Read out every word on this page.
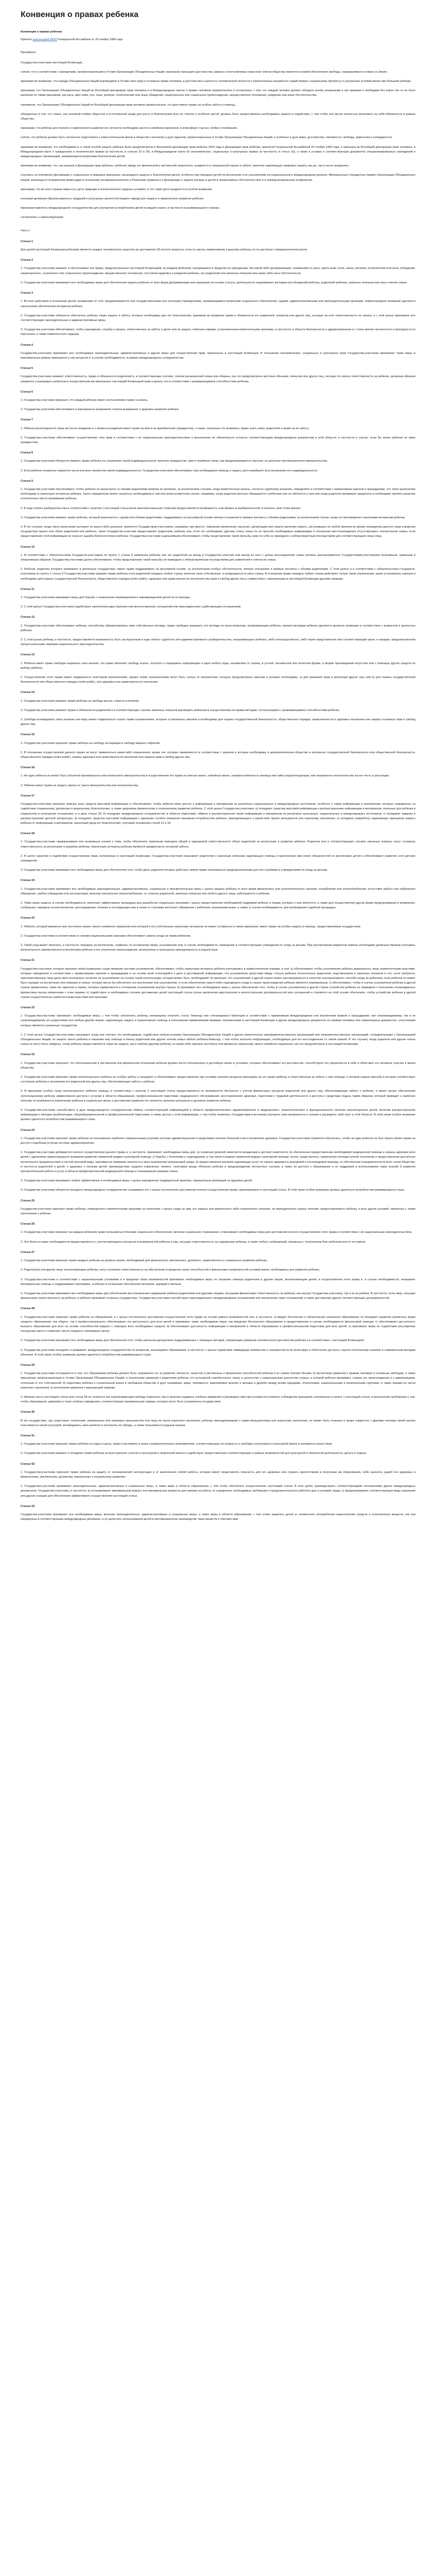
Конвенция о правах ребенка
Конвенция о правах ребенка
Принята резолюцией 44/25 Генеральной Ассамблеи от 20 ноября 1989 года
Преамбула
Государства-участники настоящей Конвенции,
считая, что в соответствии с принципами, провозглашенными в Уставе Организации Объединенных Наций, признание присущего достоинства, равных и неотъемлемых прав всех членов общества является основой обеспечения свободы, справедливости и мира на Земле,
принимая во внимание, что народы Объединенных Наций подтвердили в Уставе свою веру в основные права человека, в достоинство и ценность человеческой личности и преисполнены решимости содействовать социальному прогрессу и улучшению условий жизни при большей свободе,
признавая, что Организация Объединенных Наций во Всеобщей декларации прав человека и в Международных пактах о правах человека провозгласила и согласилась с тем, что каждый человек должен обладать всеми указанными в них правами и свободами без какого бы то ни было различия по таким признакам, как раса, цвет кожи, пол, язык, религия, политические или иные убеждения, национальное или социальное происхождение, имущественное положение, рождение или иные обстоятельства,
напоминая, что Организация Объединенных Наций во Всеобщей декларации прав человека провозгласила, что дети имеют право на особую заботу и помощь,
убежденные в том, что семье, как основной ячейке общества и естественной среде для роста и благополучия всех ее членов и особенно детей, должны быть предоставлены необходимые защита и содействие, с тем чтобы она могла полностью возложить на себя обязанности в рамках общества,
признавая, что ребенку для полного и гармоничного развития его личности необходимо расти в семейном окружении, в атмосфере счастья, любви и понимания,
считая, что ребенок должен быть полностью подготовлен к самостоятельной жизни в обществе и воспитан в духе идеалов, провозглашенных в Уставе Организации Объединенных Наций, и особенно в духе мира, достоинства, терпимости, свободы, равенства и солидарности,
принимая во внимание, что необходимость в такой особой защите ребенка была предусмотрена в Женевской декларации прав ребенка 1924 года и Декларации прав ребенка, принятой Генеральной Ассамблеей 20 ноября 1959 года, и признана во Всеобщей декларации прав человека, в Международном пакте о гражданских и политических правах (в частности, в статьях 23 и 24), в Международном пакте об экономических, социальных и культурных правах (в частности, в статье 10), а также в уставах и соответствующих документах специализированных учреждений и международных организаций, занимающихся вопросами благополучия детей,
принимая во внимание, что, как указано в Декларации прав ребенка, «ребенок, ввиду его физической и умственной незрелости, нуждается в специальной охране и заботе, включая надлежащую правовую защиту, как до, так и после рождения»,
ссылаясь на положения Декларации о социальных и правовых принципах, касающихся защиты и благополучия детей, особенно при передаче детей на воспитание и их усыновлении на национальном и международном уровнях, Минимальных стандартных правил Организации Объединенных Наций, касающихся отправления правосудия в отношении несовершеннолетних («Пекинские правила») и Декларации о защите женщин и детей в чрезвычайных обстоятельствах и в период вооруженных конфликтов,
признавая, что во всех странах мира есть дети, живущие в исключительно трудных условиях, и что такие дети нуждаются в особом внимании,
учитывая должным образом важность традиций и культурных ценностей каждого народа для защиты и гармоничного развития ребенка,
признавая важность международного сотрудничества для улучшения условий жизни детей в каждой стране, в частности в развивающихся странах,
согласились о нижеследующем:
Часть I
Статья 1
Для целей настоящей Конвенции ребенком является каждое человеческое существо до достижения 18-летнего возраста, если по закону, применимому к данному ребенку, он не достигает совершеннолетия ранее.
Статья 2
1. Государства-участники уважают и обеспечивают все права, предусмотренные настоящей Конвенцией, за каждым ребенком, находящимся в пределах их юрисдикции, без какой-либо дискриминации, независимо от расы, цвета кожи, пола, языка, религии, политических или иных убеждений, национального, этнического или социального происхождения, имущественного положения, состояния здоровья и рождения ребенка, его родителей или законных опекунов или каких-либо иных обстоятельств.
2. Государства-участники принимают все необходимые меры для обеспечения защиты ребенка от всех форм дискриминации или наказания на основе статуса, деятельности, выражаемых взглядов или убеждений ребенка, родителей ребенка, законных опекунов или иных членов семьи.
Статья 3
1. Во всех действиях в отношении детей, независимо от того, предпринимаются они государственными или частными учреждениями, занимающимися вопросами социального обеспечения, судами, административными или законодательными органами, первоочередное внимание уделяется наилучшему обеспечению интересов ребенка.
2. Государства-участники обязуются обеспечить ребенку такую защиту и заботу, которые необходимы для его благополучия, принимая во внимание права и обязанности его родителей, опекунов или других лиц, несущих за него ответственность по закону, и с этой целью принимают все соответствующие законодательные и административные меры.
3. Государства-участники обеспечивают, чтобы учреждения, службы и органы, ответственные за заботу о детях или их защиту, отвечали нормам, установленным компетентными органами, в частности, в области безопасности и здравоохранения и с точки зрения численности и пригодности их персонала, а также компетентного надзора.
Статья 4
Государства-участники принимают все необходимые законодательные, административные и другие меры для осуществления прав, признанных в настоящей Конвенции. В отношении экономических, социальных и культурных прав Государства-участники принимают такие меры в максимальных рамках имеющихся у них ресурсов и, в случае необходимости, в рамках международного сотрудничества.
Статья 5
Государства-участники уважают ответственность, права и обязанности родителей и, в соответствующих случаях, членов расширенной семьи или общины, как это предусмотрено местным обычаем, опекунов или других лиц, несущих по закону ответственность за ребенка, должным образом управлять и руководить ребенком в осуществлении им признанных настоящей Конвенцией прав и делать это в соответствии с развивающимися способностями ребенка.
Статья 6
1. Государства-участники признают, что каждый ребенок имеет неотъемлемое право на жизнь.
2. Государства-участники обеспечивают в максимально возможной степени выживание и здоровое развитие ребенка.
Статья 7
1. Ребенок регистрируется сразу же после рождения и с момента рождения имеет право на имя и на приобретение гражданства, а также, насколько это возможно, право знать своих родителей и право на их заботу.
2. Государства-участники обеспечивают осуществление этих прав в соответствии с их национальным законодательством и выполнение их обязательств согласно соответствующим международным документам в этой области, в частности в случае, если бы иначе ребенок не имел гражданства.
Статья 8
1. Государства-участники обязуются уважать право ребенка на сохранение своей индивидуальности, включая гражданство, имя и семейные связи, как предусматривается законом, не допуская противозаконного вмешательства.
2. Если ребенок незаконно лишается части или всех элементов своей индивидуальности, Государства-участники обеспечивают ему необходимую помощь и защиту для скорейшего восстановления его индивидуальности.
Статья 9
1. Государства-участники обеспечивают, чтобы ребенок не разлучался со своими родителями вопреки их желанию, за исключением случаев, когда компетентные органы, согласно судебному решению, определяют в соответствии с применимым законом и процедурами, что такое разлучение необходимо в наилучших интересах ребенка. Такое определение может оказаться необходимым в том или ином конкретном случае, например, когда родители жестоко обращаются с ребенком или не заботятся о нем или когда родители проживают раздельно и необходимо принять решение относительно места проживания ребенка.
2. В ходе любого разбирательства в соответствии с пунктом 1 настоящей статьи всем заинтересованным сторонам предоставляется возможность участвовать в разбирательстве и излагать свои точки зрения.
3. Государства-участники уважают право ребенка, который разлучается с одним или обоими родителями, поддерживать на регулярной основе личные отношения и прямые контакты с обоими родителями, за исключением случая, когда это противоречит наилучшим интересам ребенка.
4. В тех случаях, когда такое разлучение вытекает из какого-либо решения, принятого Государством-участником, например, при аресте, тюремном заключении, высылке, депортации или смерти (включая смерть, наступившую по любой причине во время нахождения данного лица в ведении государства) одного или обоих родителей или ребенка, такое Государство-участник предоставляет родителям, ребенку или, если это необходимо, другому члену семьи по их просьбе необходимую информацию в отношении местонахождения отсутствующего члена/членов семьи, если предоставление этой информации не наносит ущерба благосостоянию ребенка. Государства-участники в дальнейшем обеспечивают, чтобы представление такой просьбы само по себе не приводило к неблагоприятным последствиям для соответствующего лица (лиц).
Статья 10
1. В соответствии с обязательством Государств-участников по пункту 1 статьи 9 заявления ребенка или его родителей на въезд в Государство-участник или выезд из него с целью воссоединения семьи должны рассматриваться Государствами-участниками позитивным, гуманным и оперативным образом. Государства-участники далее обеспечивают, чтобы представление такой просьбы не приводило к неблагоприятным последствиям для заявителей и членов их семьи.
2. Ребенок, родители которого проживают в различных государствах, имеет право поддерживать на регулярной основе, за исключением особых обстоятельств, личные отношения и прямые контакты с обоими родителями. С этой целью и в соответствии с обязательством Государств-участников по пункту 2 статьи 9 Государства-участники уважают право ребенка и его родителей покидать любую страну, включая свою собственную, и возвращаться в свою страну. В отношении права покидать любую страну действуют только такие ограничения, какие установлены законом и необходимы для охраны государственной безопасности, общественного порядка (ordre public), здоровья или нравственности населения или прав и свобод других лиц и совместимы с признанными в настоящей Конвенции другими правами.
Статья 11
1. Государства-участники принимают меры для борьбы с незаконным перемещением и невозвращением детей из-за границы.
2. С этой целью Государства-участники содействуют заключению двусторонних или многосторонних соглашений или присоединению к действующим соглашениям.
Статья 12
1. Государства-участники обеспечивают ребенку, способному сформулировать свои собственные взгляды, право свободно выражать эти взгляды по всем вопросам, затрагивающим ребенка, причем взглядам ребенка уделяется должное внимание в соответствии с возрастом и зрелостью ребенка.
2. С этой целью ребенку, в частности, предоставляется возможность быть заслушанным в ходе любого судебного или административного разбирательства, затрагивающего ребенка, либо непосредственно, либо через представителя или соответствующий орган, в порядке, предусмотренном процессуальными нормами национального законодательства.
Статья 13
1. Ребенок имеет право свободно выражать свое мнение; это право включает свободу искать, получать и передавать информацию и идеи любого рода, независимо от границ, в устной, письменной или печатной форме, в форме произведений искусства или с помощью других средств по выбору ребенка.
2. Осуществление этого права может подвергаться некоторым ограничениям, однако этими ограничениями могут быть только те ограничения, которые предусмотрены законом и которые необходимы: а) для уважения прав и репутации других лиц; или b) для охраны государственной безопасности или общественного порядка (ordre public), или здоровья или нравственности населения.
Статья 14
1. Государства-участники уважают право ребенка на свободу мысли, совести и религии.
2. Государства-участники уважают права и обязанности родителей и в соответствующих случаях законных опекунов руководить ребенком в осуществлении его права методом, согласующимся с развивающимися способностями ребенка.
3. Свобода исповедовать свою религию или веру может подвергаться только таким ограничениям, которые установлены законом и необходимы для охраны государственной безопасности, общественного порядка, нравственности и здоровья населения или защиты основных прав и свобод других лиц.
Статья 15
1. Государства-участники признают право ребенка на свободу ассоциации и свободу мирных собраний.
2. В отношении осуществления данного права не могут применяться какие-либо ограничения, кроме тех, которые применяются в соответствии с законом и которые необходимы в демократическом обществе в интересах государственной безопасности или общественной безопасности, общественного порядка (ordre public), охраны здоровья или нравственности населения или защиты прав и свобод других лиц.
Статья 16
1. Ни один ребенок не может быть объектом произвольного или незаконного вмешательства в осуществление его права на личную жизнь, семейную жизнь, неприкосновенность жилища или тайну корреспонденции, или незаконного посягательства на его честь и репутацию.
2. Ребенок имеет право на защиту закона от такого вмешательства или посягательства.
Статья 17
Государства-участники признают важную роль средств массовой информации и обеспечивают, чтобы ребенок имел доступ к информации и материалам из различных национальных и международных источников, особенно к таким информации и материалам, которые направлены на содействие социальному, духовному и моральному благополучию, а также здоровому физическому и психическому развитию ребенка. С этой целью Государства-участники: а) поощряют средства массовой информации к распространению информации и материалов, полезных для ребенка в социальном и культурном отношениях, и в духе статьи 29; b) поощряют международное сотрудничество в области подготовки, обмена и распространения такой информации и материалов из различных культурных, национальных и международных источников; с) поощряют издание и распространение детской литературы; d) поощряют средства массовой информации к уделению особого внимания языковым потребностям ребенка, принадлежащего к какой-либо группе меньшинств или коренному населению; е) поощряют разработку надлежащих принципов защиты ребенка от информации и материалов, наносящих вред его благополучию, учитывая положения статей 13 и 18.
Статья 18
1. Государства-участники предпринимают все возможные усилия к тому, чтобы обеспечить признание принципа общей и одинаковой ответственности обоих родителей за воспитание и развитие ребенка. Родители или в соответствующих случаях законные опекуны несут основную ответственность за воспитание и развитие ребенка. Наилучшие интересы ребенка являются предметом их основной заботы.
2. В целях гарантии и содействия осуществлению прав, изложенных в настоящей Конвенции, Государства-участники оказывают родителям и законным опекунам надлежащую помощь в выполнении ими своих обязанностей по воспитанию детей и обеспечивают развитие сети детских учреждений.
3. Государства-участники принимают все необходимые меры для обеспечения того, чтобы дети, родители которых работают, имели право пользоваться предназначенными для них службами и учреждениями по уходу за детьми.
Статья 19
1. Государства-участники принимают все необходимые законодательные, административные, социальные и просветительные меры с целью защиты ребенка от всех форм физического или психологического насилия, оскорбления или злоупотребления, отсутствия заботы или небрежного обращения, грубого обращения или эксплуатации, включая сексуальное злоупотребление, со стороны родителей, законных опекунов или любого другого лица, заботящегося о ребенке.
2. Такие меры защиты, в случае необходимости, включают эффективные процедуры для разработки социальных программ с целью предоставления необходимой поддержки ребенку и лицам, которые о нем заботятся, а также для осуществления других форм предупреждения и выявления, сообщения, передачи на рассмотрение, расследования, лечения и последующих мер в связи со случаями жестокого обращения с ребенком, указанными выше, а также, в случае необходимости, для возбуждения судебной процедуры.
Статья 20
1. Ребенок, который временно или постоянно лишен своего семейного окружения или который в его собственных наилучших интересах не может оставаться в таком окружении, имеет право на особую защиту и помощь, предоставляемые государством.
2. Государства-участники в соответствии со своими национальными законами обеспечивают замену ухода за таким ребенком.
3. Такой уход может включать, в частности, передачу на воспитание, «кафала» по исламскому праву, усыновление или, в случае необходимости, помещение в соответствующие учреждения по уходу за детьми. При рассмотрении вариантов замены необходимо должным образом учитывать желательность преемственности воспитания ребенка и его этническое происхождение, религиозную и культурную принадлежность и родной язык.
Статья 21
Государства-участники, которые признают и/или разрешают существование системы усыновления, обеспечивают, чтобы наилучшие интересы ребенка учитывались в первостепенном порядке, и они: а) обеспечивают, чтобы усыновление ребенка разрешалось лишь компетентными властями, которые определяют в соответствии с применимыми законом и процедурами и на основе всей относящейся к делу и достоверной информации, что усыновление допустимо ввиду статуса ребенка относительно родителей, родственников и законных опекунов и что, если требуется, заинтересованные лица дали свое осознанное согласие на усыновление на основе такой консультации, которая может быть необходимой; b) признают, что усыновление в другой стране может рассматриваться в качестве альтернативного способа ухода за ребенком, если ребенок не может быть передан на воспитание или помещен в семью, которая могла бы обеспечить его воспитание или усыновление, и если обеспечение какого-либо подходящего ухода в стране происхождения ребенка является невозможным; с) обеспечивают, чтобы в случае усыновления ребенка в другой стране применялись такие же гарантии и нормы, которые применяются в отношении усыновления внутри страны; d) принимают все необходимые меры с целью обеспечения того, чтобы в случае усыновления в другой стране устройство ребенка не приводило к получению неоправданных финансовых выгод связанными с этим лицами; е) содействуют в необходимых случаях достижению целей настоящей статьи путем заключения двусторонних и многосторонних договоренностей или соглашений и стремятся на этой основе обеспечить, чтобы устройство ребенка в другой стране осуществлялось компетентными властями или органами.
Статья 22
1. Государства-участники принимают необходимые меры, с тем чтобы обеспечить ребенку, желающему получить статус беженца или считающемуся беженцем в соответствии с применимым международным или внутренним правом и процедурами, как сопровождаемому, так и не сопровождаемому его родителями или любым другим лицом, надлежащую защиту и гуманитарную помощь в пользовании применимыми правами, изложенными в настоящей Конвенции и других международных документах по правам человека или гуманитарных документах, участниками которых являются указанные государства.
2. С этой целью Государства-участники оказывают, когда они считают это необходимым, содействие любым усилиям Организации Объединенных Наций и других компетентных межправительственных организаций или неправительственных организаций, сотрудничающих с Организацией Объединенных Наций, по защите такого ребенка и оказанию ему помощи и поиску родителей или других членов семьи любого ребенка-беженца, с тем чтобы получить информацию, необходимую для его воссоединения со своей семьей. В тех случаях, когда родители или другие члены семьи не могут быть найдены, этому ребенку предоставляется такая же защита, как и любому другому ребенку, по какой-либо причине постоянно или временно лишенному своего семейного окружения, как это предусмотрено в настоящей Конвенции.
Статья 23
1. Государства-участники признают, что неполноценный в умственном или физическом отношении ребенок должен вести полноценную и достойную жизнь в условиях, которые обеспечивают его достоинство, способствуют его уверенности в себе и облегчают его активное участие в жизни общества.
2. Государства-участники признают право неполноценного ребенка на особую заботу и поощряют и обеспечивают предоставление при условии наличия ресурсов имеющему на это право ребенку и ответственным за заботу о нем помощи, о которой подана просьба и которая соответствует состоянию ребенка и положению его родителей или других лиц, обеспечивающих заботу о ребенке.
3. В признание особых нужд неполноценного ребенка помощь в соответствии с пунктом 2 настоящей статьи предоставляется по возможности бесплатно с учетом финансовых ресурсов родителей или других лиц, обеспечивающих заботу о ребенке, и имеет целью обеспечение неполноценному ребенку эффективного доступа к услугам в области образования, профессиональной подготовки, медицинского обслуживания, восстановления здоровья, подготовки к трудовой деятельности и доступа к средствам отдыха таким образом, который приводит к наиболее полному по возможности вовлечению ребенка в социальную жизнь и достижению развития его личности, включая культурное и духовное развитие ребенка.
4. Государства-участники способствуют в духе международного сотрудничества обмену соответствующей информацией в области профилактического здравоохранения и медицинского, психологического и функционального лечения неполноценных детей, включая распространение информации о методах реабилитации, общеобразовательной и профессиональной подготовки, а также доступ к этой информации, с тем чтобы позволить Государствам-участникам улучшить свои возможности и знания и расширить свой опыт в этой области. В этой связи особое внимание должно уделяться потребностям развивающихся стран.
Статья 24
1. Государства-участники признают право ребенка на пользование наиболее совершенными услугами системы здравоохранения и средствами лечения болезней и восстановления здоровья. Государства-участники стремятся обеспечить, чтобы ни один ребенок не был лишен своего права на доступ к подобным услугам системы здравоохранения.
2. Государства-участники добиваются полного осуществления данного права и, в частности, принимают необходимые меры для: а) снижения уровней смертности младенцев и детской смертности; b) обеспечения предоставления необходимой медицинской помощи и охраны здоровья всех детей с уделением первоочередного внимания развитию первичной медико-санитарной помощи; с) борьбы с болезнями и недоеданием, в том числе в рамках первичной медико-санитарной помощи, путем, среди прочего, применения легкодоступной технологии и предоставления достаточно питательного продовольствия и чистой питьевой воды, принимая во внимание опасность и риск загрязнения окружающей среды; d) предоставления матерям надлежащих услуг по охране здоровья в дородовой и послеродовой периоды; е) обеспечения осведомленности всех слоев общества, в частности родителей и детей, о здоровье и питании детей, преимуществах грудного кормления, гигиене, санитарии среды обитания ребенка и предупреждении несчастных случаев, а также их доступа к образованию и их поддержки в использовании таких знаний; f) развития просветительной работы и услуг в области профилактической медицинской помощи и планирования размера семьи.
3. Государства-участники принимают любые эффективные и необходимые меры с целью упразднения традиционной практики, отрицательно влияющей на здоровье детей.
4. Государства-участники обязуются поощрять международное сотрудничество и развивать его с целью постепенного достижения полного осуществления права, признаваемого в настоящей статье. В этой связи особое внимание должно уделяться потребностям развивающихся стран.
Статья 25
Государства-участники признают право ребенка, помещенного компетентными органами на попечение с целью ухода за ним, его защиты или физического либо психического лечения, на периодическую оценку лечения, предоставляемого ребенку, и всех других условий, связанных с таким попечением о ребенке.
Статья 26
1. Государства-участники признают за каждым ребенком право пользоваться благами социального обеспечения, включая социальное страхование, и принимают необходимые меры для достижения полного осуществления этого права в соответствии с их национальным законодательством.
2. Эти блага по мере необходимости предоставляются с учетом имеющихся ресурсов и возможностей ребенка и лиц, несущих ответственность за содержание ребенка, а также любых соображений, связанных с получением благ ребенком или от его имени.
Статья 27
1. Государства-участники признают право каждого ребенка на уровень жизни, необходимый для физического, умственного, духовного, нравственного и социального развития ребенка.
2. Родитель(и) или другие лица, воспитывающие ребенка, несут основную ответственность за обеспечение в пределах своих способностей и финансовых возможностей условий жизни, необходимых для развития ребенка.
3. Государства-участники в соответствии с национальными условиями и в пределах своих возможностей принимают необходимые меры по оказанию помощи родителям и другим лицам, воспитывающим детей, в осуществлении этого права и, в случае необходимости, оказывают материальную помощь и поддерживают программы, особенно в отношении обеспечения питанием, одеждой и жильем.
4. Государства-участники принимают все необходимые меры для обеспечения восстановления содержания ребенка родителями или другими лицами, несущими финансовую ответственность за ребенка, как внутри Государства-участника, так и из-за рубежа. В частности, если лицо, несущее финансовую ответственность за ребенка, и ребенок проживают в разных государствах, Государства-участники способствуют присоединению к международным соглашениям или заключению таких соглашений, а также достижению других соответствующих договоренностей.
Статья 28
1. Государства-участники признают право ребенка на образование, и с целью постепенного достижения осуществления этого права на основе равных возможностей они, в частности: а) вводят бесплатное и обязательное начальное образование; b) поощряют развитие различных форм среднего образования, как общего, так и профессионального, обеспечивают его доступность для всех детей и принимают такие необходимые меры, как введение бесплатного образования и предоставление в случае необходимости финансовой помощи; с) обеспечивают доступность высшего образования для всех на основе способностей каждого с помощью всех необходимых средств; d) обеспечивают доступность информации и материалов в области образования и профессиональной подготовки для всех детей; е) принимают меры по содействию регулярному посещению школ и снижению числа учащихся, покинувших школу.
2. Государства-участники принимают все необходимые меры для обеспечения того, чтобы школьная дисциплина поддерживалась с помощью методов, отражающих уважение человеческого достоинства ребенка и в соответствии с настоящей Конвенцией.
3. Государства-участники поощряют и развивают международное сотрудничество по вопросам, касающимся образования, в частности, с целью содействия ликвидации невежества и неграмотности во всем мире и облегчения доступа к научно-техническим знаниям и современным методам обучения. В этой связи особое внимание должно уделяться потребностям развивающихся стран.
Статья 29
1. Государства-участники соглашаются в том, что образование ребенка должно быть направлено на: а) развитие личности, талантов и умственных и физических способностей ребенка в их самом полном объеме; b) воспитание уважения к правам человека и основным свободам, а также принципам, провозглашенным в Уставе Организации Объединенных Наций; с) воспитание уважения к родителям ребенка, его культурной самобытности, языку и ценностям, к национальным ценностям страны, в которой ребенок проживает, страны его происхождения и к цивилизациям, отличным от его собственной; d) подготовку ребенка к сознательной жизни в свободном обществе в духе понимания, мира, терпимости, равноправия мужчин и женщин и дружбы между всеми народами, этническими, национальными и религиозными группами, а также лицами из числа коренного населения; е) воспитание уважения к окружающей природе.
2. Никакая часть настоящей статьи или статьи 28 не толкуется как ограничивающая свободу отдельных лиц и органов создавать учебные заведения и руководить ими при условии постоянного соблюдения принципов, изложенных в пункте 1 настоящей статьи, и выполнения требования о том, чтобы образование, даваемое в таких учебных заведениях, соответствовало минимальным нормам, которые могут быть установлены государством.
Статья 30
В тех государствах, где существуют этнические, религиозные или языковые меньшинства или лица из числа коренного населения, ребенку, принадлежащему к таким меньшинствам или коренному населению, не может быть отказано в праве совместно с другими членами своей группы пользоваться своей культурой, исповедовать свою религию и исполнять ее обряды, а также пользоваться родным языком.
Статья 31
1. Государства-участники признают право ребенка на отдых и досуг, право участвовать в играх и развлекательных мероприятиях, соответствующих его возрасту, и свободно участвовать в культурной жизни и заниматься искусством.
2. Государства-участники уважают и поощряют право ребенка на всестороннее участие в культурной и творческой жизни и содействуют предоставлению соответствующих и равных возможностей для культурной и творческой деятельности, досуга и отдыха.
Статья 32
1. Государства-участники признают право ребенка на защиту от экономической эксплуатации и от выполнения любой работы, которая может представлять опасность для его здоровья или служить препятствием в получении им образования, либо наносить ущерб его здоровью и физическому, умственному, духовному, моральному и социальному развитию.
2. Государства-участники принимают законодательные, административные и социальные меры, а также меры в области образования, с тем чтобы обеспечить осуществление настоящей статьи. В этих целях, руководствуясь соответствующими положениями других международных документов, Государства-участники, в частности: а) устанавливают минимальный возраст или минимальные возрасты для приема на работу; b) определяют необходимые требования о продолжительности рабочего дня и условиях труда; с) предусматривают соответствующие виды наказания или другие санкции для обеспечения эффективного осуществления настоящей статьи.
Статья 33
Государства-участники принимают все необходимые меры, включая законодательные, административные и социальные меры, а также меры в области образования, с тем чтобы защитить детей от незаконного употребления наркотических средств и психотропных веществ, как они определены в соответствующих международных договорах, и не допустить использования детей в противозаконном производстве таких веществ и торговле ими.
